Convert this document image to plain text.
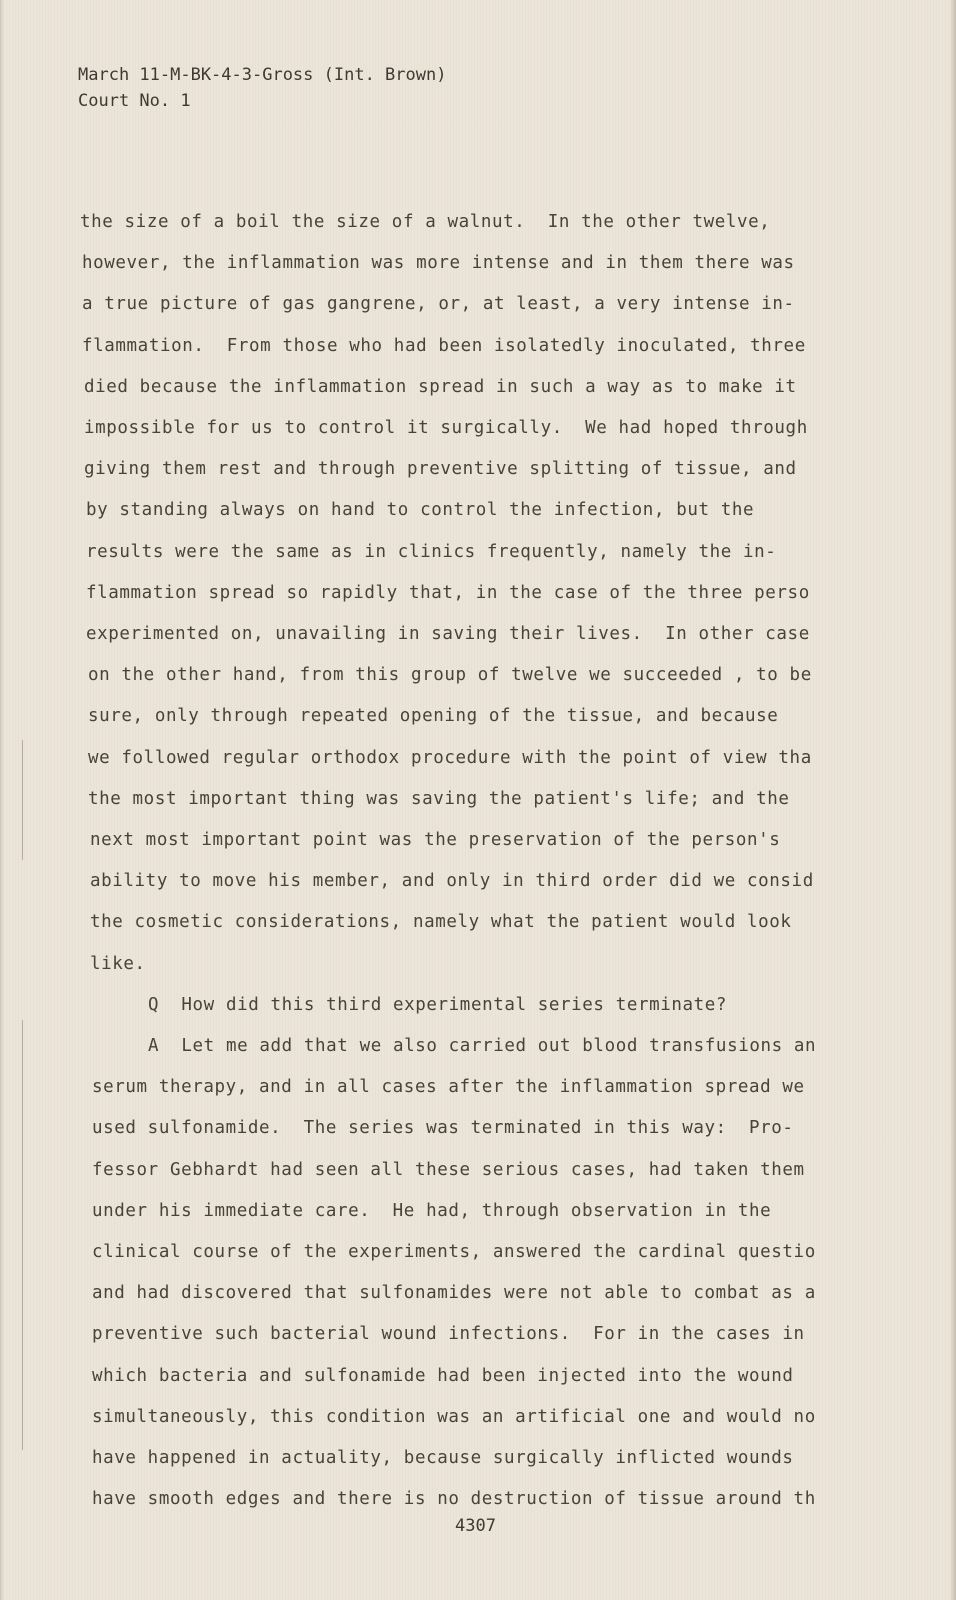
March 11-M-BK-4-3-Gross (Int. Brown)
Court No. 1
the size of a boil the size of a walnut.  In the other twelve,
however, the inflammation was more intense and in them there was
a true picture of gas gangrene, or, at least, a very intense in-
flammation.  From those who had been isolatedly inoculated, three
died because the inflammation spread in such a way as to make it
impossible for us to control it surgically.  We had hoped through
giving them rest and through preventive splitting of tissue, and
by standing always on hand to control the infection, but the
results were the same as in clinics frequently, namely the in-
flammation spread so rapidly that, in the case of the three perso
experimented on, unavailing in saving their lives.  In other case
on the other hand, from this group of twelve we succeeded , to be
sure, only through repeated opening of the tissue, and because
we followed regular orthodox procedure with the point of view tha
the most important thing was saving the patient's life; and the
next most important point was the preservation of the person's
ability to move his member, and only in third order did we consid
the cosmetic considerations, namely what the patient would look
like.
Q  How did this third experimental series terminate?
A  Let me add that we also carried out blood transfusions an
serum therapy, and in all cases after the inflammation spread we
used sulfonamide.  The series was terminated in this way:  Pro-
fessor Gebhardt had seen all these serious cases, had taken them
under his immediate care.  He had, through observation in the
clinical course of the experiments, answered the cardinal questio
and had discovered that sulfonamides were not able to combat as a
preventive such bacterial wound infections.  For in the cases in
which bacteria and sulfonamide had been injected into the wound
simultaneously, this condition was an artificial one and would no
have happened in actuality, because surgically inflicted wounds
have smooth edges and there is no destruction of tissue around th
4307
